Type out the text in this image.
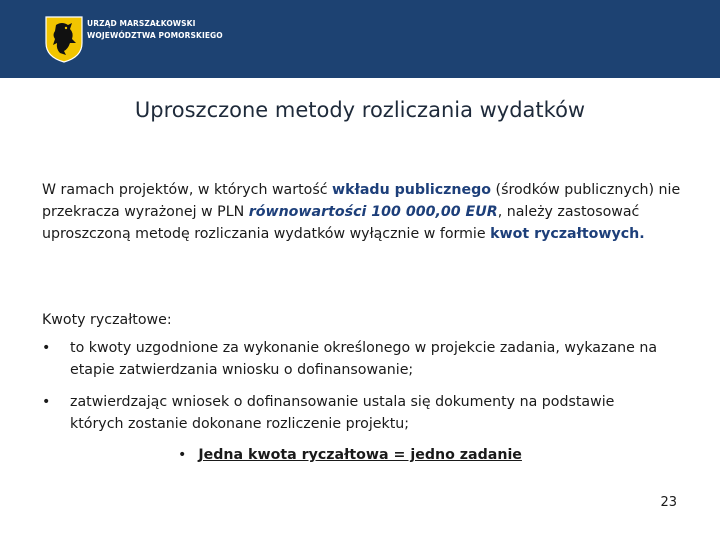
URZĄD MARSZAŁKOWSKI
WOJEWÓDZTWA POMORSKIEGO
Uproszczone metody rozliczania wydatków
W ramach projektów, w których wartość wkładu publicznego (środków publicznych) nie przekracza wyrażonej w PLN równowartości 100 000,00 EUR, należy zastosować uproszczoną metodę rozliczania wydatków wyłącznie w formie kwot ryczałtowych.
Kwoty ryczałtowe:
• to kwoty uzgodnione za wykonanie określonego w projekcie zadania, wykazane na etapie zatwierdzania wniosku o dofinansowanie;
• zatwierdzając wniosek o dofinansowanie ustala się dokumenty na podstawie których zostanie dokonane rozliczenie projektu;
• Jedna kwota ryczałtowa = jedno zadanie
23
